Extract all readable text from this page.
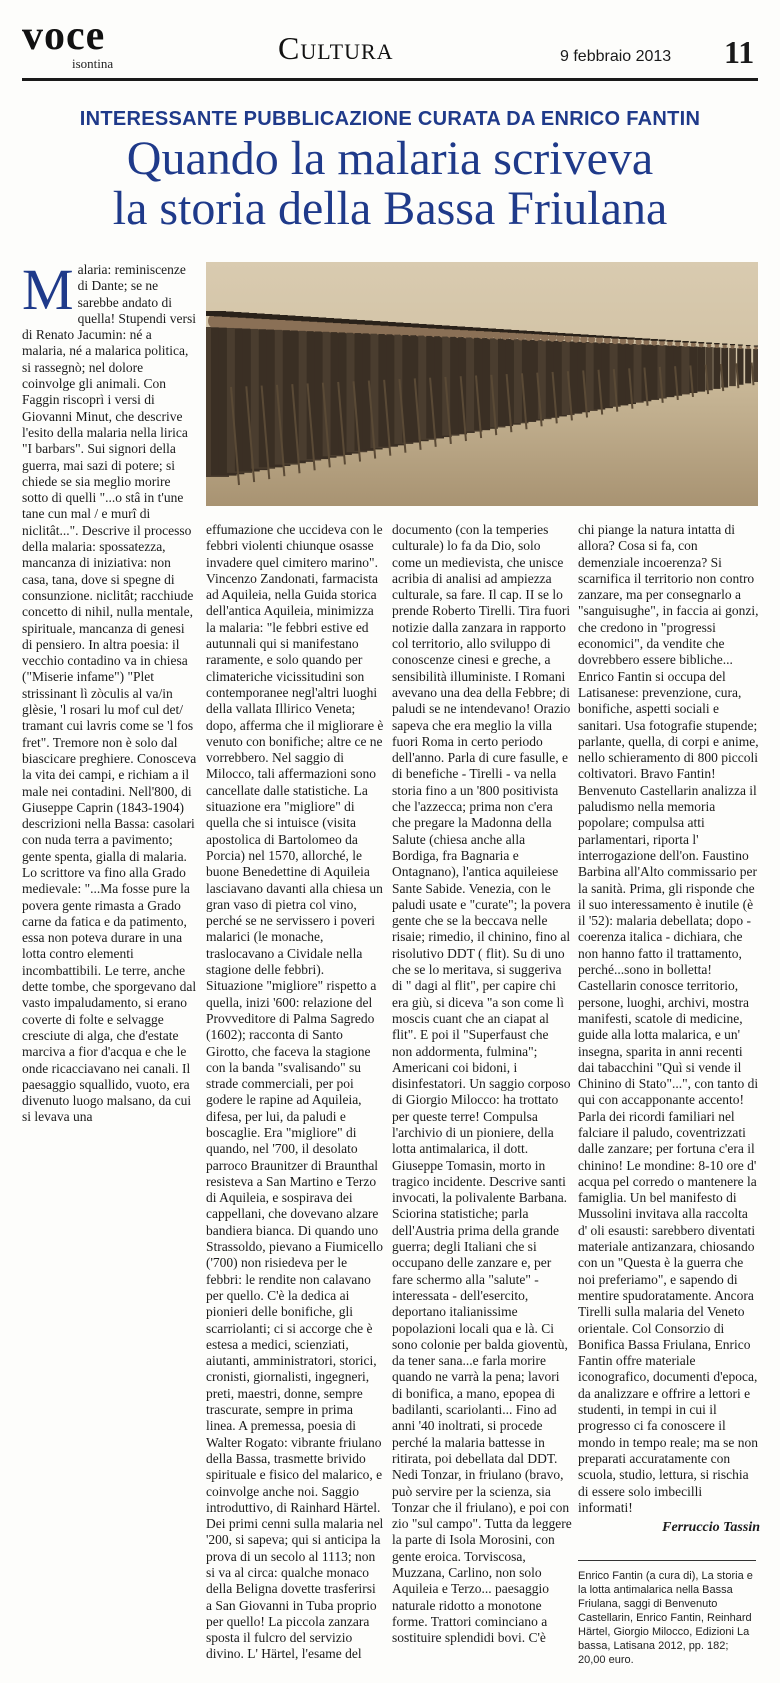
voce
isontina	Cultura	9 febbraio 2013 11
INTERESSANTE PUBBLICAZIONE CURATA DA ENRICO FANTIN
Quando la malaria scriveva
la storia della Bassa Friulana

Malaria: reminiscenze di Dante; se ne sarebbe andato di quella! Stupendi versi di Renato Jacumin: né a malaria, né a malarica politica, si rassegnò; nel dolore coinvolge gli animali. Con Faggin riscoprì i versi di Giovanni Minut, che descrive l'esito della malaria nella lirica "I barbars". Sui signori della guerra, mai sazi di potere; si chiede se sia meglio morire sotto di quelli "...o stâ in t'une tane cun mal / e murî di niclitât...". Descrive il processo della malaria: spossatezza, mancanza di iniziativa: non casa, tana, dove si spegne di consunzione. niclitât; racchiude concetto di nihil, nulla mentale, spirituale, mancanza di genesi di pensiero. In altra poesia: il vecchio contadino va in chiesa ("Miserie infame") "Plet strissinant lì zòculis al va/in glèsie, 'l rosari lu mof cul det/ tramant cui lavris come se 'l fos fret". Tremore non è solo dal biascicare preghiere. Conosceva la vita dei campi, e richiam a il male nei contadini. Nell'800, di Giuseppe Caprin (1843-1904) descrizioni nella Bassa: casolari con nuda terra a pavimento; gente spenta, gialla di malaria. Lo scrittore va fino alla Grado medievale: "...Ma fosse pure la povera gente rimasta a Grado carne da fatica e da patimento, essa non poteva durare in una lotta contro elementi incombattibili. Le terre, anche dette tombe, che sporgevano dal vasto impaludamento, si erano coverte di folte e selvagge cresciute di alga, che d'estate marciva a fior d'acqua e che le onde ricacciavano nei canali. Il paesaggio squallido, vuoto, era divenuto luogo malsano, da cui si levava una

effumazione che uccideva con le febbri violenti chiunque osasse invadere quel cimitero marino". Vincenzo Zandonati, farmacista ad Aquileia, nella Guida storica dell'antica Aquileia, minimizza la malaria: "le febbri estive ed autunnali qui si manifestano raramente, e solo quando per climateriche vicissitudini son contemporanee negl'altri luoghi della vallata Illirico Veneta; dopo, afferma che il migliorare è venuto con bonifiche; altre ce ne vorrebbero. Nel saggio di Milocco, tali affermazioni sono cancellate dalle statistiche. La situazione era "migliore" di quella che si intuisce (visita apostolica di Bartolomeo da Porcia) nel 1570, allorché, le buone Benedettine di Aquileia lasciavano davanti alla chiesa un gran vaso di pietra col vino, perché se ne servissero i poveri malarici (le monache, traslocavano a Cividale nella stagione delle febbri). Situazione "migliore" rispetto a quella, inizi '600: relazione del Provveditore di Palma Sagredo (1602); racconta di Santo Girotto, che faceva la stagione con la banda "svalisando" su strade commerciali, per poi godere le rapine ad Aquileia, difesa, per lui, da paludi e boscaglie. Era "migliore" di quando, nel '700, il desolato parroco Braunitzer di Braunthal resisteva a San Martino e Terzo di Aquileia, e sospirava dei cappellani, che dovevano alzare bandiera bianca. Di quando uno Strassoldo, pievano a Fiumicello ('700) non risiedeva per le febbri: le rendite non calavano per quello. C'è la dedica ai pionieri delle bonifiche, gli scarriolanti; ci si accorge che è estesa a medici, scienziati, aiutanti, amministratori, storici, cronisti, giornalisti, ingegneri, preti, maestri, donne, sempre trascurate, sempre in prima linea. A premessa, poesia di Walter Rogato: vibrante friulano della Bassa, trasmette brivido spirituale e fisico del malarico, e coinvolge anche noi. Saggio introduttivo, di Rainhard Härtel. Dei primi cenni sulla malaria nel '200, si sapeva; qui si anticipa la prova di un secolo al 1113; non si va al circa: qualche monaco della Beligna dovette trasferirsi a San Giovanni in Tuba proprio per quello! La piccola zanzara sposta il fulcro del servizio divino. L' Härtel, l'esame del

documento (con la temperies culturale) lo fa da Dio, solo come un medievista, che unisce acribia di analisi ad ampiezza culturale, sa fare. Il cap. II se lo prende Roberto Tirelli. Tira fuori notizie dalla zanzara in rapporto col territorio, allo sviluppo di conoscenze cinesi e greche, a sensibilità illuministe. I Romani avevano una dea della Febbre; di paludi se ne intendevano! Orazio sapeva che era meglio la villa fuori Roma in certo periodo dell'anno. Parla di cure fasulle, e di benefiche - Tirelli - va nella storia fino a un '800 positivista che l'azzecca; prima non c'era che pregare la Madonna della Salute (chiesa anche alla Bordiga, fra Bagnaria e Ontagnano), l'antica aquileiese Sante Sabide. Venezia, con le paludi usate e "curate"; la povera gente che se la beccava nelle risaie; rimedio, il chinino, fino al risolutivo DDT ( flit). Su di uno che se lo meritava, si suggeriva di " dagi al flit", per capire chi era giù, si diceva "a son come lì moscis cuant che an ciapat al flit". E poi il "Superfaust che non addormenta, fulmina"; Americani coi bidoni, i disinfestatori. Un saggio corposo di Giorgio Milocco: ha trottato per queste terre! Compulsa l'archivio di un pioniere, della lotta antimalarica, il dott. Giuseppe Tomasin, morto in tragico incidente. Descrive santi invocati, la polivalente Barbana. Sciorina statistiche; parla dell'Austria prima della grande guerra; degli Italiani che si occupano delle zanzare e, per fare schermo alla "salute" - interessata - dell'esercito, deportano italianissime popolazioni locali qua e là. Ci sono colonie per balda gioventù, da tener sana...e farla morire quando ne varrà la pena; lavori di bonifica, a mano, epopea di badilanti, scariolanti... Fino ad anni '40 inoltrati, si procede perché la malaria battesse in ritirata, poi debellata dal DDT. Nedi Tonzar, in friulano (bravo, può servire per la scienza, sia Tonzar che il friulano), e poi con zio "sul campo". Tutta da leggere la parte di Isola Morosini, con gente eroica. Torviscosa, Muzzana, Carlino, non solo Aquileia e Terzo... paesaggio naturale ridotto a monotone forme. Trattori cominciano a sostituire splendidi bovi. C'è

chi piange la natura intatta di allora? Cosa si fa, con demenziale incoerenza? Si scarnifica il territorio non contro zanzare, ma per consegnarlo a "sanguisughe", in faccia ai gonzi, che credono in "progressi economici", da vendite che dovrebbero essere bibliche... Enrico Fantin si occupa del Latisanese: prevenzione, cura, bonifiche, aspetti sociali e sanitari. Usa fotografie stupende; parlante, quella, di corpi e anime, nello schieramento di 800 piccoli coltivatori. Bravo Fantin! Benvenuto Castellarin analizza il paludismo nella memoria popolare; compulsa atti parlamentari, riporta l' interrogazione dell'on. Faustino Barbina all'Alto commissario per la sanità. Prima, gli risponde che il suo interessamento è inutile (è il '52): malaria debellata; dopo - coerenza italica - dichiara, che non hanno fatto il trattamento, perché...sono in bolletta! Castellarin conosce territorio, persone, luoghi, archivi, mostra manifesti, scatole di medicine, guide alla lotta malarica, e un' insegna, sparita in anni recenti dai tabacchini "Quì si vende il Chinino di Stato"...", con tanto di qui con accapponante accento! Parla dei ricordi familiari nel falciare il paludo, coventrizzati dalle zanzare; per fortuna c'era il chinino! Le mondine: 8-10 ore d' acqua pel corredo o mantenere la famiglia. Un bel manifesto di Mussolini invitava alla raccolta d' oli esausti: sarebbero diventati materiale antizanzara, chiosando con un "Questa è la guerra che noi preferiamo", e sapendo di mentire spudoratamente. Ancora Tirelli sulla malaria del Veneto orientale. Col Consorzio di Bonifica Bassa Friulana, Enrico Fantin offre materiale iconografico, documenti d'epoca, da analizzare e offrire a lettori e studenti, in tempi in cui il progresso ci fa conoscere il mondo in tempo reale; ma se non preparati accuratamente con scuola, studio, lettura, si rischia di essere solo imbecilli informati!

Ferruccio Tassin
Enrico Fantin (a cura di), La storia e la lotta antimalarica nella Bassa Friulana, saggi di Benvenuto Castellarin, Enrico Fantin, Reinhard Härtel, Giorgio Milocco, Edizioni La bassa, Latisana 2012, pp. 182; 20,00 euro.
